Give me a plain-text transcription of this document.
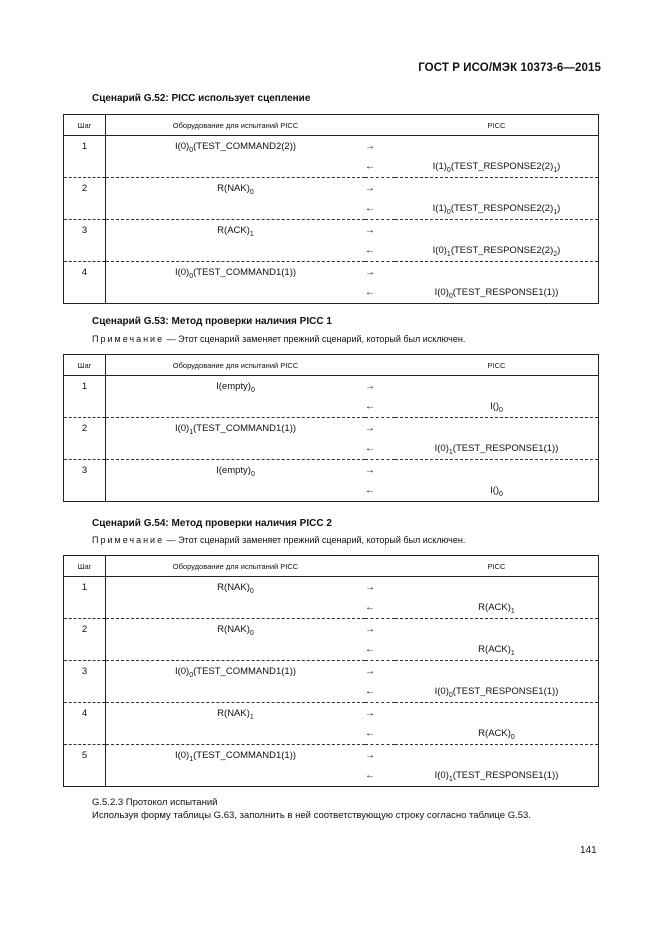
ГОСТ Р ИСО/МЭК 10373-6—2015
Сценарий G.52: PICC использует сцепление
Шаг	Оборудование для испытаний PICC		PICC
1	$I(0)_0(TEST\_COMMAND2(2))$	→	
		←	$I(1)_0(TEST\_RESPONSE2(2)_1)$
2	$R(NAK)_0$	→	
		←	$I(1)_0(TEST\_RESPONSE2(2)_1)$
3	$R(ACK)_1$	→	
		←	$I(0)_1(TEST\_RESPONSE2(2)_2)$
4	$I(0)_0(TEST\_COMMAND1(1))$	→	
		←	$I(0)_0(TEST\_RESPONSE1(1))$
Сценарий G.53: Метод проверки наличия PICC 1
Примечание — Этот сценарий заменяет прежний сценарий, который был исключен.
Шаг	Оборудование для испытаний PICC		PICC
1	$I(empty)_0$	→	
		←	$I()_0$
2	$I(0)_1(TEST\_COMMAND1(1))$	→	
		←	$I(0)_1(TEST\_RESPONSE1(1))$
3	$I(empty)_0$	→	
		←	$I()_0$
Сценарий G.54: Метод проверки наличия PICC 2
Примечание — Этот сценарий заменяет прежний сценарий, который был исключен.
Шаг	Оборудование для испытаний PICC		PICC
1	$R(NAK)_0$	→	
		←	$R(ACK)_1$
2	$R(NAK)_0$	→	
		←	$R(ACK)_1$
3	$I(0)_0(TEST\_COMMAND1(1))$	→	
		←	$I(0)_0(TEST\_RESPONSE1(1))$
4	$R(NAK)_1$	→	
		←	$R(ACK)_0$
5	$I(0)_1(TEST\_COMMAND1(1))$	→	
		←	$I(0)_1(TEST\_RESPONSE1(1))$
G.5.2.3 Протокол испытаний
Используя форму таблицы G.63, заполнить в ней соответствующую строку согласно таблице G.53.
141
